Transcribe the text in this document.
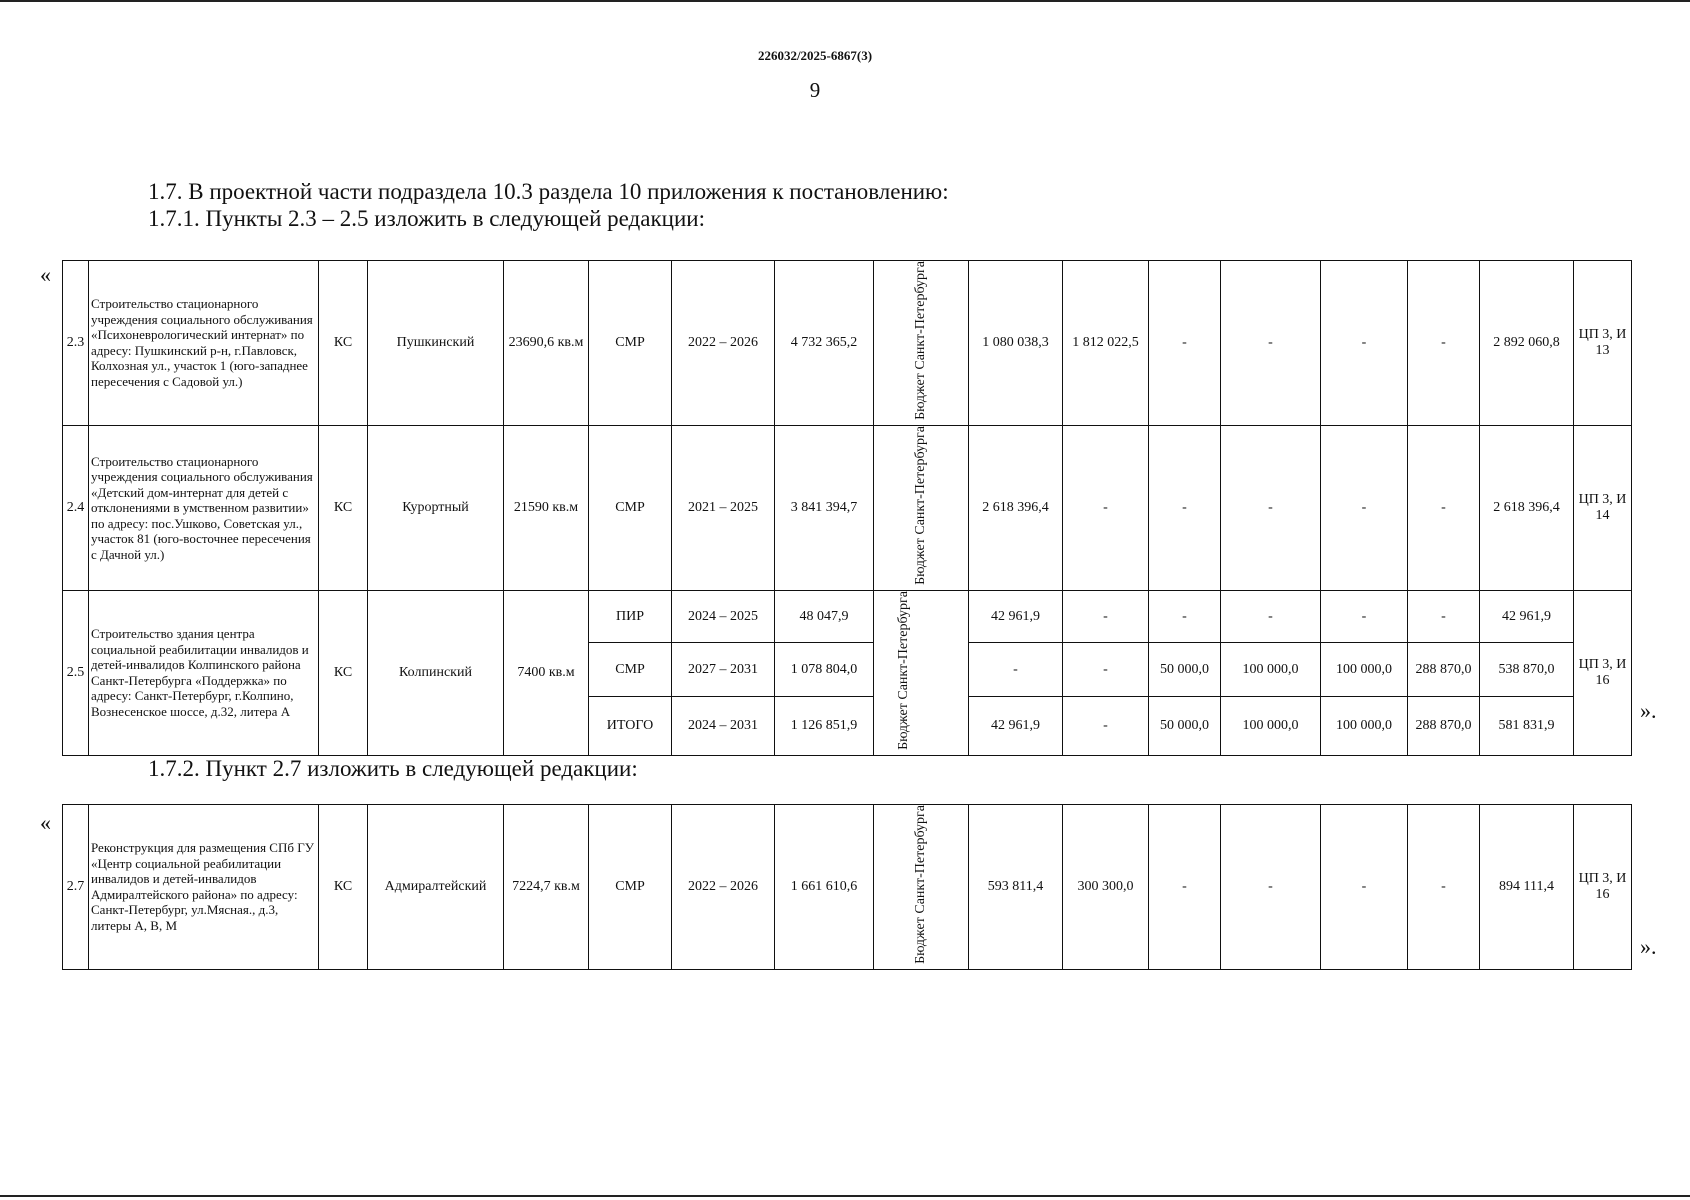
226032/2025-6867(3)
9
1.7. В проектной части подраздела 10.3 раздела 10 приложения к постановлению:
1.7.1. Пункты 2.3 – 2.5 изложить в следующей редакции:
«
».
2.3	Строительство стационарного учреждения социального обслуживания «Психоневрологический интернат» по адресу: Пушкинский р-н, г.Павловск, Колхозная ул., участок 1 (юго-западнее пересечения с Садовой ул.)	КС	Пушкинский	23690,6 кв.м	СМР	2022 – 2026	4 732 365,2	Бюджет Санкт-Петербурга	1 080 038,3	1 812 022,5	-	-	-	-	2 892 060,8	ЦП 3, И 13
2.4	Строительство стационарного учреждения социального обслуживания «Детский дом-интернат для детей с отклонениями в умственном развитии» по адресу: пос.Ушково, Советская ул., участок 81 (юго-восточнее пересечения с Дачной ул.)	КС	Курортный	21590 кв.м	СМР	2021 – 2025	3 841 394,7	Бюджет Санкт-Петербурга	2 618 396,4	-	-	-	-	-	2 618 396,4	ЦП 3, И 14
2.5	Строительство здания центра социальной реабилитации инвалидов и детей-инвалидов Колпинского района Санкт-Петербурга «Поддержка» по адресу: Санкт-Петербург, г.Колпино, Вознесенское шоссе, д.32, литера А	КС	Колпинский	7400 кв.м	ПИР	2024 – 2025	48 047,9	Бюджет Санкт-Петербурга	42 961,9	-	-	-	-	-	42 961,9	ЦП 3, И 16
					СМР	2027 – 2031	1 078 804,0		-	-	50 000,0	100 000,0	100 000,0	288 870,0	538 870,0	
					ИТОГО	2024 – 2031	1 126 851,9		42 961,9	-	50 000,0	100 000,0	100 000,0	288 870,0	581 831,9	
1.7.2. Пункт 2.7 изложить в следующей редакции:
«
».
2.7	Реконструкция для размещения СПб ГУ «Центр социальной реабилитации инвалидов и детей-инвалидов Адмиралтейского района» по адресу: Санкт-Петербург, ул.Мясная., д.3, литеры А, В, М	КС	Адмиралтейский	7224,7 кв.м	СМР	2022 – 2026	1 661 610,6	Бюджет Санкт-Петербурга	593 811,4	300 300,0	-	-	-	-	894 111,4	ЦП 3, И 16
